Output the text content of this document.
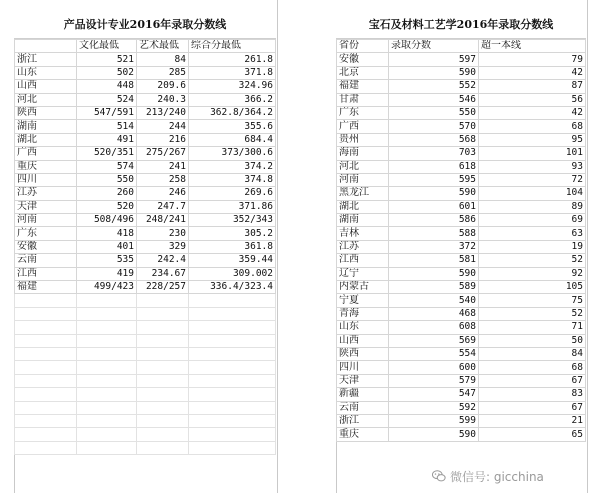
产品设计专业2016年录取分数线
	文化最低	艺术最低	综合分最低
浙江	521	84	261.8
山东	502	285	371.8
山西	448	209.6	324.96
河北	524	240.3	366.2
陕西	547/591	213/240	362.8/364.2
湖南	514	244	355.6
湖北	491	216	684.4
广西	520/351	275/267	373/300.6
重庆	574	241	374.2
四川	550	258	374.8
江苏	260	246	269.6
天津	520	247.7	371.86
河南	508/496	248/241	352/343
广东	418	230	305.2
安徽	401	329	361.8
云南	535	242.4	359.44
江西	419	234.67	309.002
福建	499/423	228/257	336.4/323.4

宝石及材料工艺学2016年录取分数线
省份	录取分数	超一本线
安徽	597	79
北京	590	42
福建	552	87
甘肃	546	56
广东	550	42
广西	570	68
贵州	568	95
海南	703	101
河北	618	93
河南	595	72
黑龙江	590	104
湖北	601	89
湖南	586	69
吉林	588	63
江苏	372	19
江西	581	52
辽宁	590	92
内蒙古	589	105
宁夏	540	75
青海	468	52
山东	608	71
山西	569	50
陕西	554	84
四川	600	68
天津	579	67
新疆	547	83
云南	592	67
浙江	599	21
重庆	590	65
微信号: gicchina
